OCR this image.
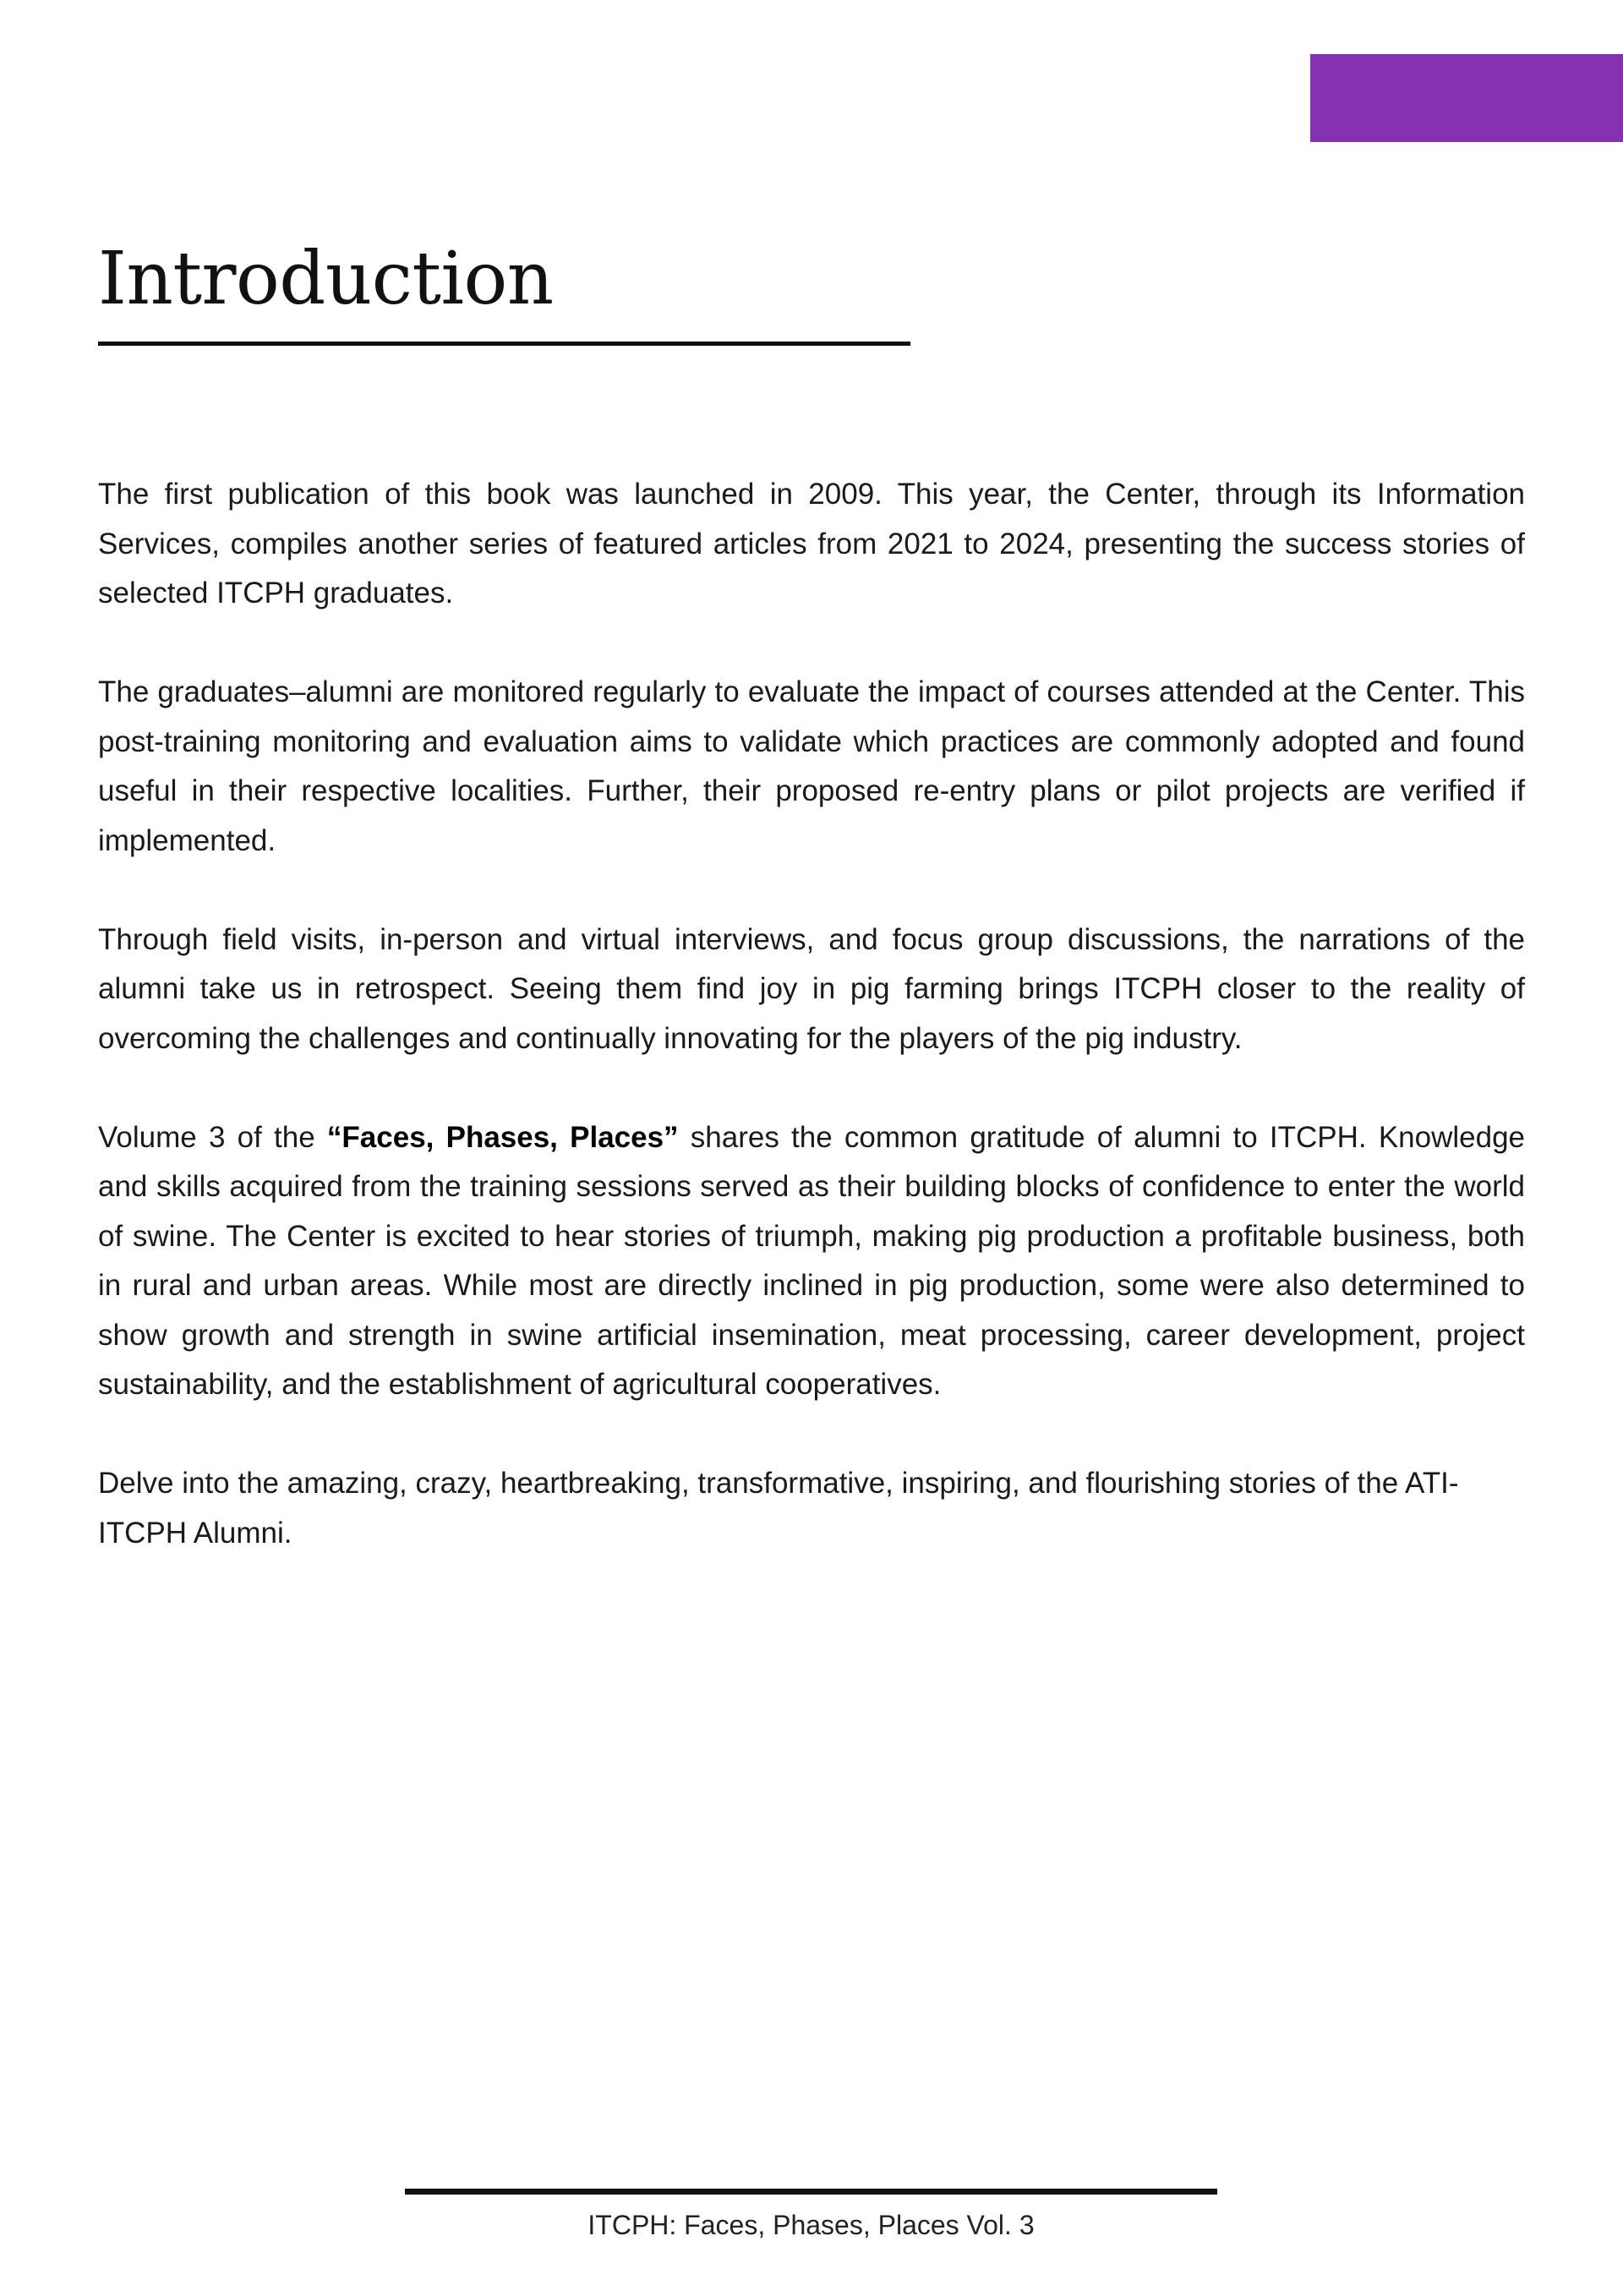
Introduction

The first publication of this book was launched in 2009. This year, the Center, through its Information Services, compiles another series of featured articles from 2021 to 2024, presenting the success stories of selected ITCPH graduates.

The graduates–alumni are monitored regularly to evaluate the impact of courses attended at the Center. This post-training monitoring and evaluation aims to validate which practices are commonly adopted and found useful in their respective localities. Further, their proposed re-entry plans or pilot projects are verified if implemented.

Through field visits, in-person and virtual interviews, and focus group discussions, the narrations of the alumni take us in retrospect. Seeing them find joy in pig farming brings ITCPH closer to the reality of overcoming the challenges and continually innovating for the players of the pig industry.

Volume 3 of the “Faces, Phases, Places” shares the common gratitude of alumni to ITCPH. Knowledge and skills acquired from the training sessions served as their building blocks of confidence to enter the world of swine. The Center is excited to hear stories of triumph, making pig production a profitable business, both in rural and urban areas. While most are directly inclined in pig production, some were also determined to show growth and strength in swine artificial insemination, meat processing, career development, project sustainability, and the establishment of agricultural cooperatives.

Delve into the amazing, crazy, heartbreaking, transformative, inspiring, and flourishing stories of the ATI-ITCPH Alumni.

ITCPH: Faces, Phases, Places Vol. 3
